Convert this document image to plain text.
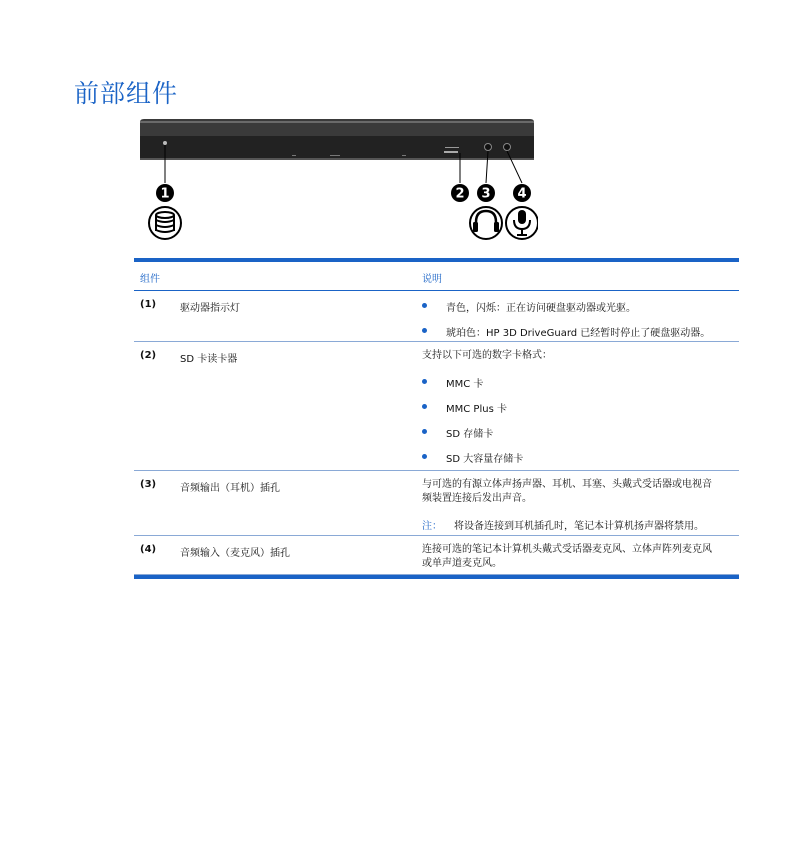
前部组件
1	2 3 4
组件	说明
(1) 驱动器指示灯	青色，闪烁：正在访问硬盘驱动器或光驱。
琥珀色：HP 3D DriveGuard 已经暂时停止了硬盘驱动器。
(2) SD 卡读卡器	支持以下可选的数字卡格式：
MMC 卡
MMC Plus 卡
SD 存储卡
SD 大容量存储卡
(3) 音频输出（耳机）插孔	与可选的有源立体声扬声器、耳机、耳塞、头戴式受话器或电视音
频装置连接后发出声音。
注： 将设备连接到耳机插孔时，笔记本计算机扬声器将禁用。
(4) 音频输入（麦克风）插孔	连接可选的笔记本计算机头戴式受话器麦克风、立体声阵列麦克风
或单声道麦克风。
